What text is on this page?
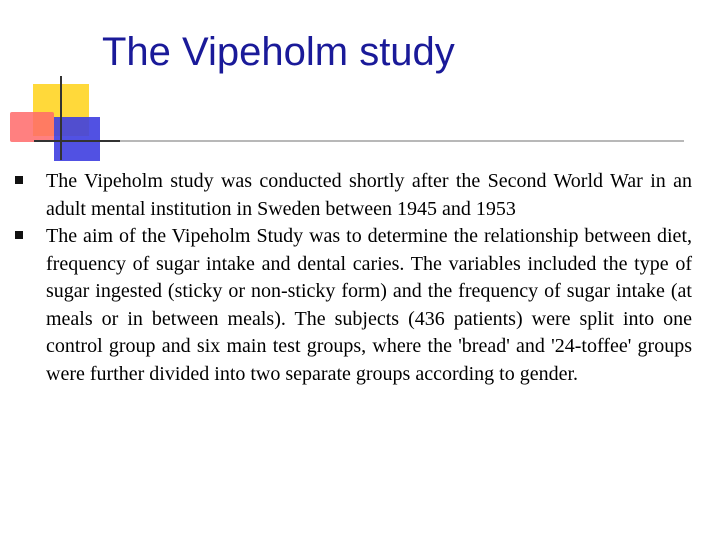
The Vipeholm study
The Vipeholm study was conducted shortly after the Second World War in an adult mental institution in Sweden between 1945 and 1953
The aim of the Vipeholm Study was to determine the relationship between diet, frequency of sugar intake and dental caries. The variables included the type of sugar ingested (sticky or non-sticky form) and the frequency of sugar intake (at meals or in between meals). The subjects (436 patients) were split into one control group and six main test groups, where the 'bread' and '24-toffee' groups were further divided into two separate groups according to gender.
